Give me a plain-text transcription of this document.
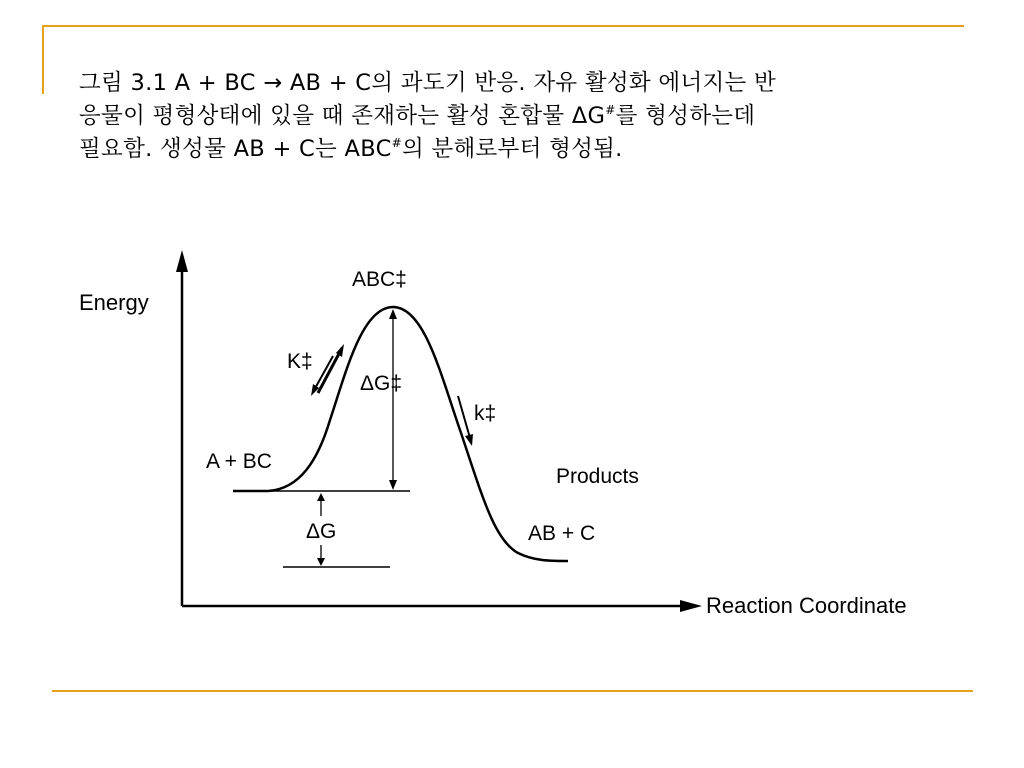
그림 3.1 A + BC → AB + C의 과도기 반응. 자유 활성화 에너지는 반
응물이 평형상태에 있을 때 존재하는 활성 혼합물 ΔG#를 형성하는데
필요함. 생성물 AB + C는 ABC#의 분해로부터 형성됨.

Energy
Reaction Coordinate
ABC‡
A + BC
Products
AB + C
K‡
k‡
ΔG‡
ΔG
